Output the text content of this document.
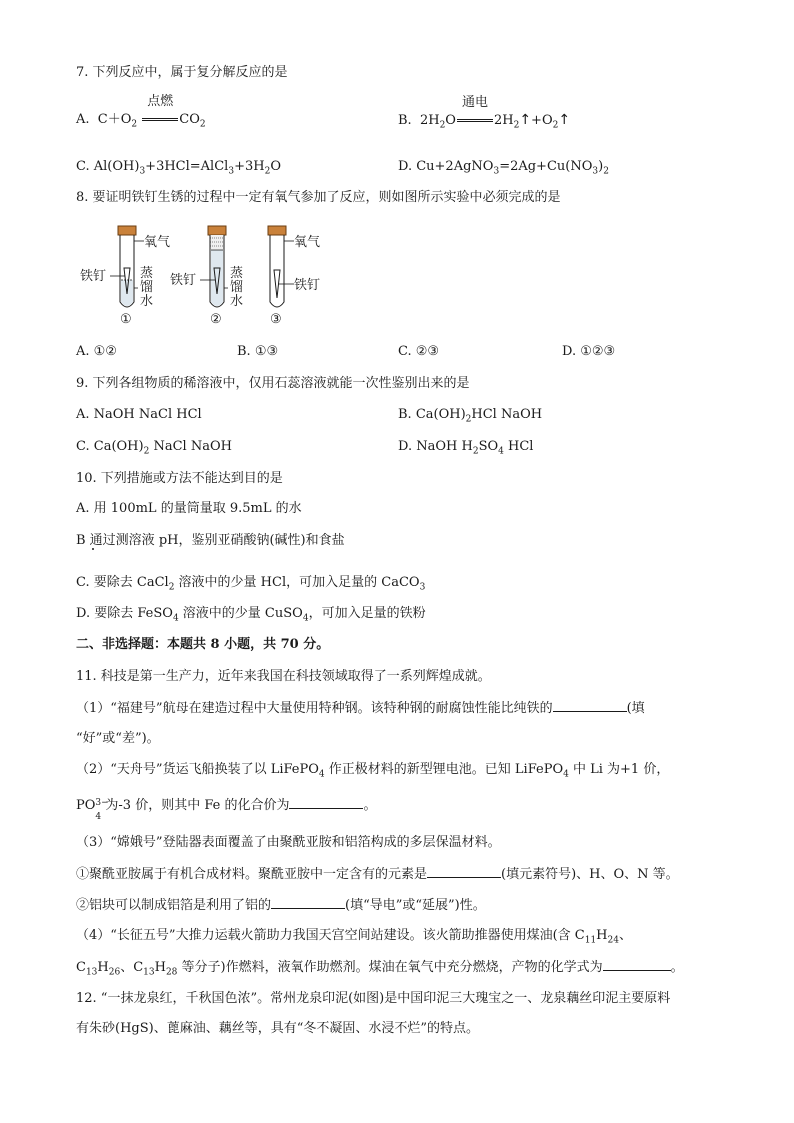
7. 下列反应中，属于复分解反应的是
A. $C+O_2$
点燃
$CO_2$	B. $2H_2O$
通电
$2H_2↑+O_2↑$
C. $Al(OH)_3+3HCl=AlCl_3+3H_2O$	D. $Cu+2AgNO_3=2Ag+Cu(NO_3)_2$
8. 要证明铁钉生锈的过程中一定有氧气参加了反应，则如图所示实验中必须完成的是
氧气
铁钉	蒸
馏
水
①
铁钉	蒸
馏
水
②
氧气
铁钉
③
A. ①②	B. ①③	C. ②③	D. ①②③
9. 下列各组物质的稀溶液中，仅用石蕊溶液就能一次性鉴别出来的是
A. NaOH NaCl HCl	B. $Ca(OH)_2HCl$ NaOH
C. $Ca(OH)_2$ NaCl NaOH	D. NaOH $H_2SO_4$ HCl
10. 下列措施或方法不能达到目的是
A. 用 100mL 的量筒量取 9.5mL 的水
B 通过测溶液 pH，鉴别亚硝酸钠(碱性)和食盐
C. 要除去 CaCl$_2$ 溶液中的少量 HCl，可加入足量的 CaCO$_3$
D. 要除去 FeSO$_4$ 溶液中的少量 CuSO$_4$，可加入足量的铁粉
二、非选择题：本题共 8 小题，共 70 分。
11. 科技是第一生产力，近年来我国在科技领域取得了一系列辉煌成就。
（1）“福建号”航母在建造过程中大量使用特种钢。该特种钢的耐腐蚀性能比纯铁的	(填
“好”或“差”)。
（2）“天舟号”货运飞船换装了以 LiFePO$_4$ 作正极材料的新型锂电池。已知 LiFePO$_4$ 中 Li 为+1 价，
PO 3−
4
为-3 价，则其中 Fe 的化合价为	。
（3）“嫦娥号”登陆器表面覆盖了由聚酰亚胺和铝箔构成的多层保温材料。
①聚酰亚胺属于有机合成材料。聚酰亚胺中一定含有的元素是	(填元素符号)、H、O、N 等。
②铝块可以制成铝箔是利用了铝的	(填“导电”或“延展”)性。
（4）“长征五号”大推力运载火箭助力我国天宫空间站建设。该火箭助推器使用煤油(含 $C_{11}H_{24}$、
$C_{13}H_{26}$、$C_{13}H_{28}$ 等分子)作燃料，液氧作助燃剂。煤油在氧气中充分燃烧，产物的化学式为	。
12. “一抹龙泉红，千秋国色浓”。常州龙泉印泥(如图)是中国印泥三大瑰宝之一、龙泉藕丝印泥主要原料
有朱砂(HgS)、蓖麻油、藕丝等，具有“冬不凝固、水浸不烂”的特点。
